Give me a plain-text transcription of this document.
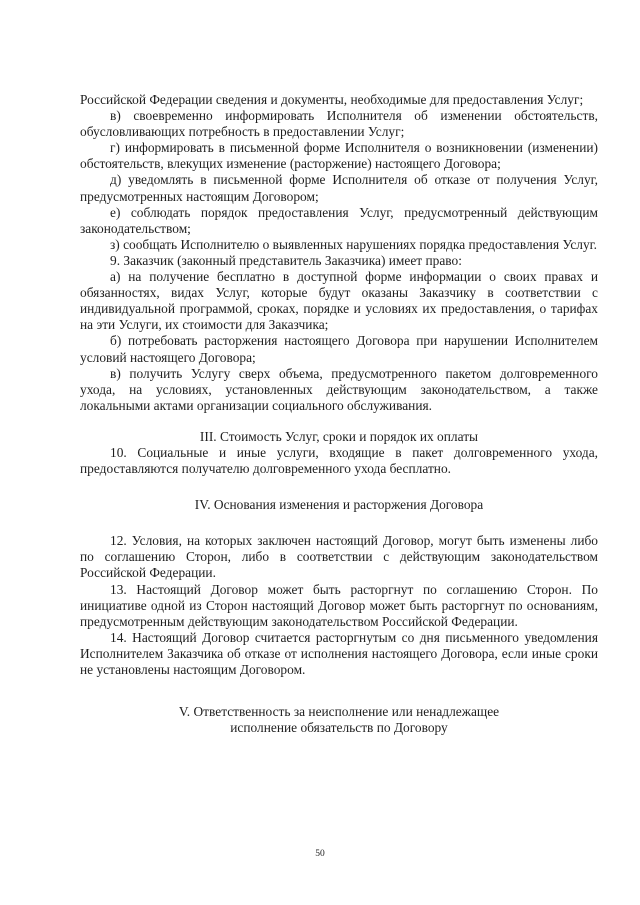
Российской Федерации сведения и документы, необходимые для предоставления Услуг;

в) своевременно информировать Исполнителя об изменении обстоятельств, обусловливающих потребность в предоставлении Услуг;

г) информировать в письменной форме Исполнителя о возникновении (изменении) обстоятельств, влекущих изменение (расторжение) настоящего Договора;

д) уведомлять в письменной форме Исполнителя об отказе от получения Услуг, предусмотренных настоящим Договором;

е) соблюдать порядок предоставления Услуг, предусмотренный действующим законодательством;

з) сообщать Исполнителю о выявленных нарушениях порядка предоставления Услуг.

9. Заказчик (законный представитель Заказчика) имеет право:

а) на получение бесплатно в доступной форме информации о своих правах и обязанностях, видах Услуг, которые будут оказаны Заказчику в соответствии с индивидуальной программой, сроках, порядке и условиях их предоставления, о тарифах на эти Услуги, их стоимости для Заказчика;

б) потребовать расторжения настоящего Договора при нарушении Исполнителем условий настоящего Договора;

в) получить Услугу сверх объема, предусмотренного пакетом долговременного ухода, на условиях, установленных действующим законодательством, а также локальными актами организации социального обслуживания.

III. Стоимость Услуг, сроки и порядок их оплаты

10. Социальные и иные услуги, входящие в пакет долговременного ухода, предоставляются получателю долговременного ухода бесплатно.

IV. Основания изменения и расторжения Договора

12. Условия, на которых заключен настоящий Договор, могут быть изменены либо по соглашению Сторон, либо в соответствии с действующим законодательством Российской Федерации.

13. Настоящий Договор может быть расторгнут по соглашению Сторон. По инициативе одной из Сторон настоящий Договор может быть расторгнут по основаниям, предусмотренным действующим законодательством Российской Федерации.

14. Настоящий Договор считается расторгнутым со дня письменного уведомления Исполнителем Заказчика об отказе от исполнения настоящего Договора, если иные сроки не установлены настоящим Договором.

V. Ответственность за неисполнение или ненадлежащее
исполнение обязательств по Договору
50
